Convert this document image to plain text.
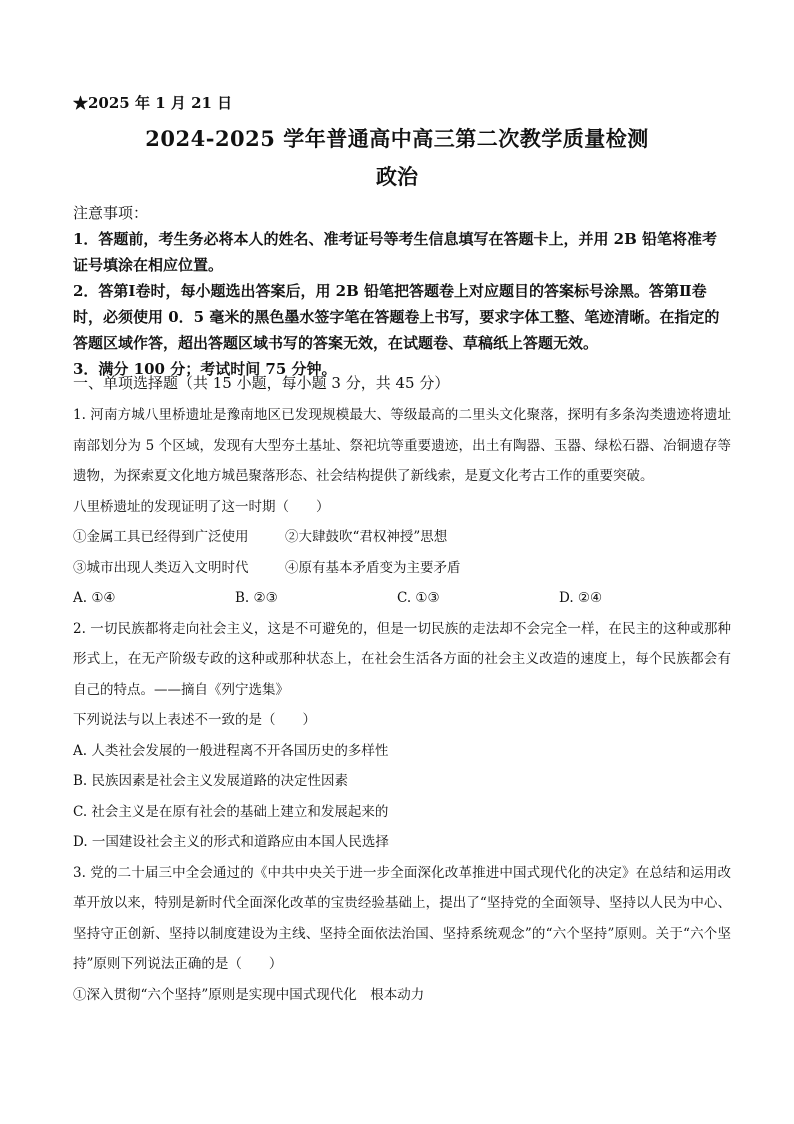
★2025 年 1 月 21 日
2024-2025 学年普通高中高三第二次教学质量检测
政治

注意事项：

1．答题前，考生务必将本人的姓名、准考证号等考生信息填写在答题卡上，并用 2B 铅笔将准考证号填涂在相应位置。

2．答第Ⅰ卷时，每小题选出答案后，用 2B 铅笔把答题卷上对应题目的答案标号涂黑。答第Ⅱ卷时，必须使用 0．5 毫米的黑色墨水签字笔在答题卷上书写，要求字体工整、笔迹清晰。在指定的答题区域作答，超出答题区域书写的答案无效，在试题卷、草稿纸上答题无效。

3．满分 100 分；考试时间 75 分钟。

一、单项选择题（共 15 小题，每小题 3 分，共 45 分）

1. 河南方城八里桥遗址是豫南地区已发现规模最大、等级最高的二里头文化聚落，探明有多条沟类遗迹将遗址南部划分为 5 个区域，发现有大型夯土基址、祭祀坑等重要遗迹，出土有陶器、玉器、绿松石器、冶铜遗存等遗物，为探索夏文化地方城邑聚落形态、社会结构提供了新线索，是夏文化考古工作的重要突破。

八里桥遗址的发现证明了这一时期（　　）

①金属工具已经得到广泛使用	②大肆鼓吹“君权神授”思想
③城市出现人类迈入文明时代	④原有基本矛盾变为主要矛盾
A. ①④	B. ②③	C. ①③	D. ②④

2. 一切民族都将走向社会主义，这是不可避免的，但是一切民族的走法却不会完全一样，在民主的这种或那种形式上，在无产阶级专政的这种或那种状态上，在社会生活各方面的社会主义改造的速度上，每个民族都会有自己的特点。——摘自《列宁选集》

下列说法与以上表述不一致的是（　　）

A. 人类社会发展的一般进程离不开各国历史的多样性

B. 民族因素是社会主义发展道路的决定性因素

C. 社会主义是在原有社会的基础上建立和发展起来的

D. 一国建设社会主义的形式和道路应由本国人民选择

3. 党的二十届三中全会通过的《中共中央关于进一步全面深化改革推进中国式现代化的决定》在总结和运用改革开放以来，特别是新时代全面深化改革的宝贵经验基础上，提出了“坚持党的全面领导、坚持以人民为中心、坚持守正创新、坚持以制度建设为主线、坚持全面依法治国、坚持系统观念”的“六个坚持”原则。关于“六个坚持”原则下列说法正确的是（　　）

①深入贯彻“六个坚持”原则是实现中国式现代化　根本动力
